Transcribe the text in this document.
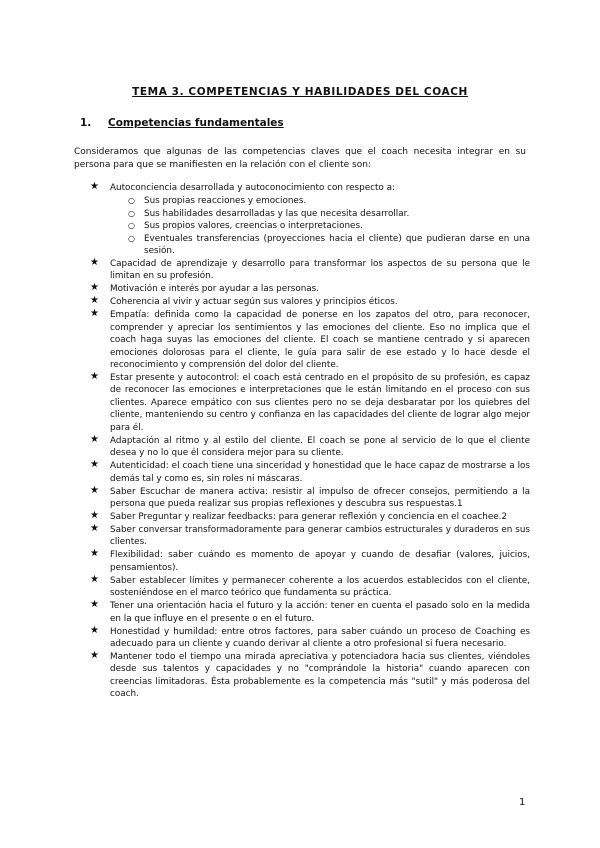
TEMA 3. COMPETENCIAS Y HABILIDADES DEL COACH
1. Competencias fundamentales
Consideramos que algunas de las competencias claves que el coach necesita integrar en su persona para que se manifiesten en la relación con el cliente son:
★ Autoconciencia desarrollada y autoconocimiento con respecto a:
○ Sus propias reacciones y emociones.
○ Sus habilidades desarrolladas y las que necesita desarrollar.
○ Sus propios valores, creencias o interpretaciones.
○ Eventuales transferencias (proyecciones hacia el cliente) que pudieran darse en una sesión.
★ Capacidad de aprendizaje y desarrollo para transformar los aspectos de su persona que le limitan en su profesión.
★ Motivación e interés por ayudar a las personas.
★ Coherencia al vivir y actuar según sus valores y principios éticos.
★ Empatía: definida como la capacidad de ponerse en los zapatos del otro, para reconocer, comprender y apreciar los sentimientos y las emociones del cliente. Eso no implica que el coach haga suyas las emociones del cliente. El coach se mantiene centrado y si aparecen emociones dolorosas para el cliente, le guía para salir de ese estado y lo hace desde el reconocimiento y comprensión del dolor del cliente.
★ Estar presente y autocontrol: el coach está centrado en el propósito de su profesión, es capaz de reconocer las emociones e interpretaciones que le están limitando en el proceso con sus clientes. Aparece empático con sus clientes pero no se deja desbaratar por los quiebres del cliente, manteniendo su centro y confianza en las capacidades del cliente de lograr algo mejor para él.
★ Adaptación al ritmo y al estilo del cliente. El coach se pone al servicio de lo que el cliente desea y no lo que él considera mejor para su cliente.
★ Autenticidad: el coach tiene una sinceridad y honestidad que le hace capaz de mostrarse a los demás tal y como es, sin roles ni máscaras.
★ Saber Escuchar de manera activa: resistir al impulso de ofrecer consejos, permitiendo a la persona que pueda realizar sus propias reflexiones y descubra sus respuestas.1
★ Saber Preguntar y realizar feedbacks: para generar reflexión y conciencia en el coachee.2
★ Saber conversar transformadoramente para generar cambios estructurales y duraderos en sus clientes.
★ Flexibilidad: saber cuándo es momento de apoyar y cuando de desafiar (valores, juicios, pensamientos).
★ Saber establecer límites y permanecer coherente a los acuerdos establecidos con el cliente, sosteniéndose en el marco teórico que fundamenta su práctica.
★ Tener una orientación hacia el futuro y la acción: tener en cuenta el pasado solo en la medida en la que influye en el presente o en el futuro.
★ Honestidad y humildad: entre otros factores, para saber cuándo un proceso de Coaching es adecuado para un cliente y cuando derivar al cliente a otro profesional si fuera necesario.
★ Mantener todo el tiempo una mirada apreciativa y potenciadora hacia sus clientes, viéndoles desde sus talentos y capacidades y no "comprándole la historia" cuando aparecen con creencias limitadoras. Ésta probablemente es la competencia más "sutil" y más poderosa del coach.
1
